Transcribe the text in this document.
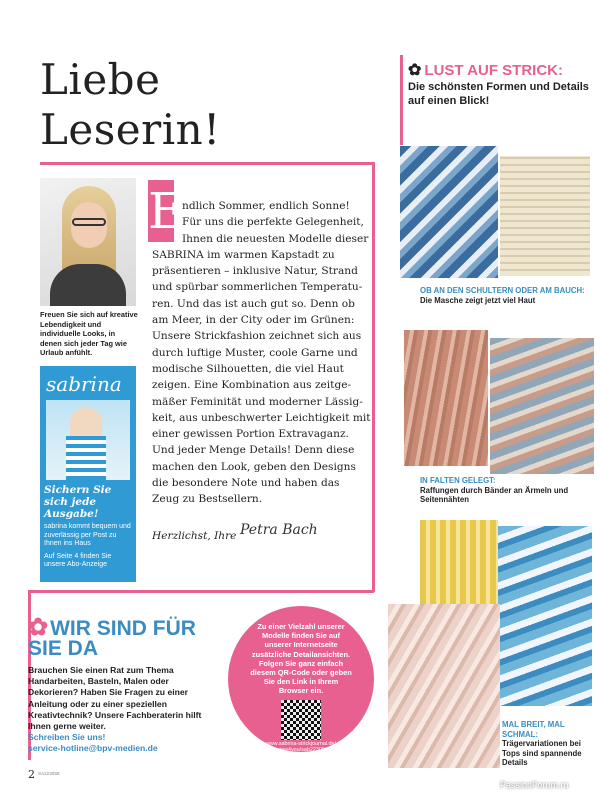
Liebe
Leserin!
Freuen Sie sich auf kreative Lebendigkeit und individuelle Looks, in denen sich jeder Tag wie Urlaub anfühlt.
sabrina
Sichern Sie sich jede Ausgabe!
sabrina kommt bequem und zuverlässig per Post zu Ihnen ins Haus
Auf Seite 4 finden Sie unsere Abo-Anzeige
E
ndlich Sommer, endlich Sonne!
Für uns die perfekte Gelegenheit,
Ihnen die neuesten Modelle dieser
SABRINA im warmen Kapstadt zu
präsentieren – inklusive Natur, Strand
und spürbar sommerlichen Temperatu-
ren. Und das ist auch gut so. Denn ob
am Meer, in der City oder im Grünen:
Unsere Strickfashion zeichnet sich aus
durch luftige Muster, coole Garne und
modische Silhouetten, die viel Haut
zeigen. Eine Kombination aus zeitge-
mäßer Feminität und moderner Lässig-
keit, aus unbeschwerter Leichtigkeit mit
einer gewissen Portion Extravaganz.
Und jeder Menge Details! Denn diese
machen den Look, geben den Designs
die besondere Note und haben das
Zeug zu Bestsellern.
Herzlichst, Ihre Petra Bach
✿ LUST AUF STRICK:
Die schönsten Formen und Details auf einen Blick!
OB AN DEN SCHULTERN ODER AM BAUCH:
Die Masche zeigt jetzt viel Haut
IN FALTEN GELEGT:
Raffungen durch Bänder an Ärmeln und Seitennähten
MAL BREIT, MAL SCHMAL:
Trägervariationen bei Tops sind spannende Details
✿WIR SIND FÜR
SIE DA
Brauchen Sie einen Rat zum Thema Handarbeiten, Basteln, Malen oder Dekorieren? Haben Sie Fragen zu einer Anleitung oder zu einer speziellen Kreativtechnik? Unsere Fachberaterin hilft Ihnen gerne weiter.
Schreiben Sie uns!
service-hotline@bpv-medien.de
Zu einer Vielzahl unserer Modelle finden Sie auf unserer Internetseite zusätzliche Detailansichten. Folgen Sie ganz einfach diesem QR-Code oder geben Sie den Link in Ihrem Browser ein.
www.sabrina-strickjournal.de/ view4you/sab22305
2 SA22305E
PassionForum.ru
